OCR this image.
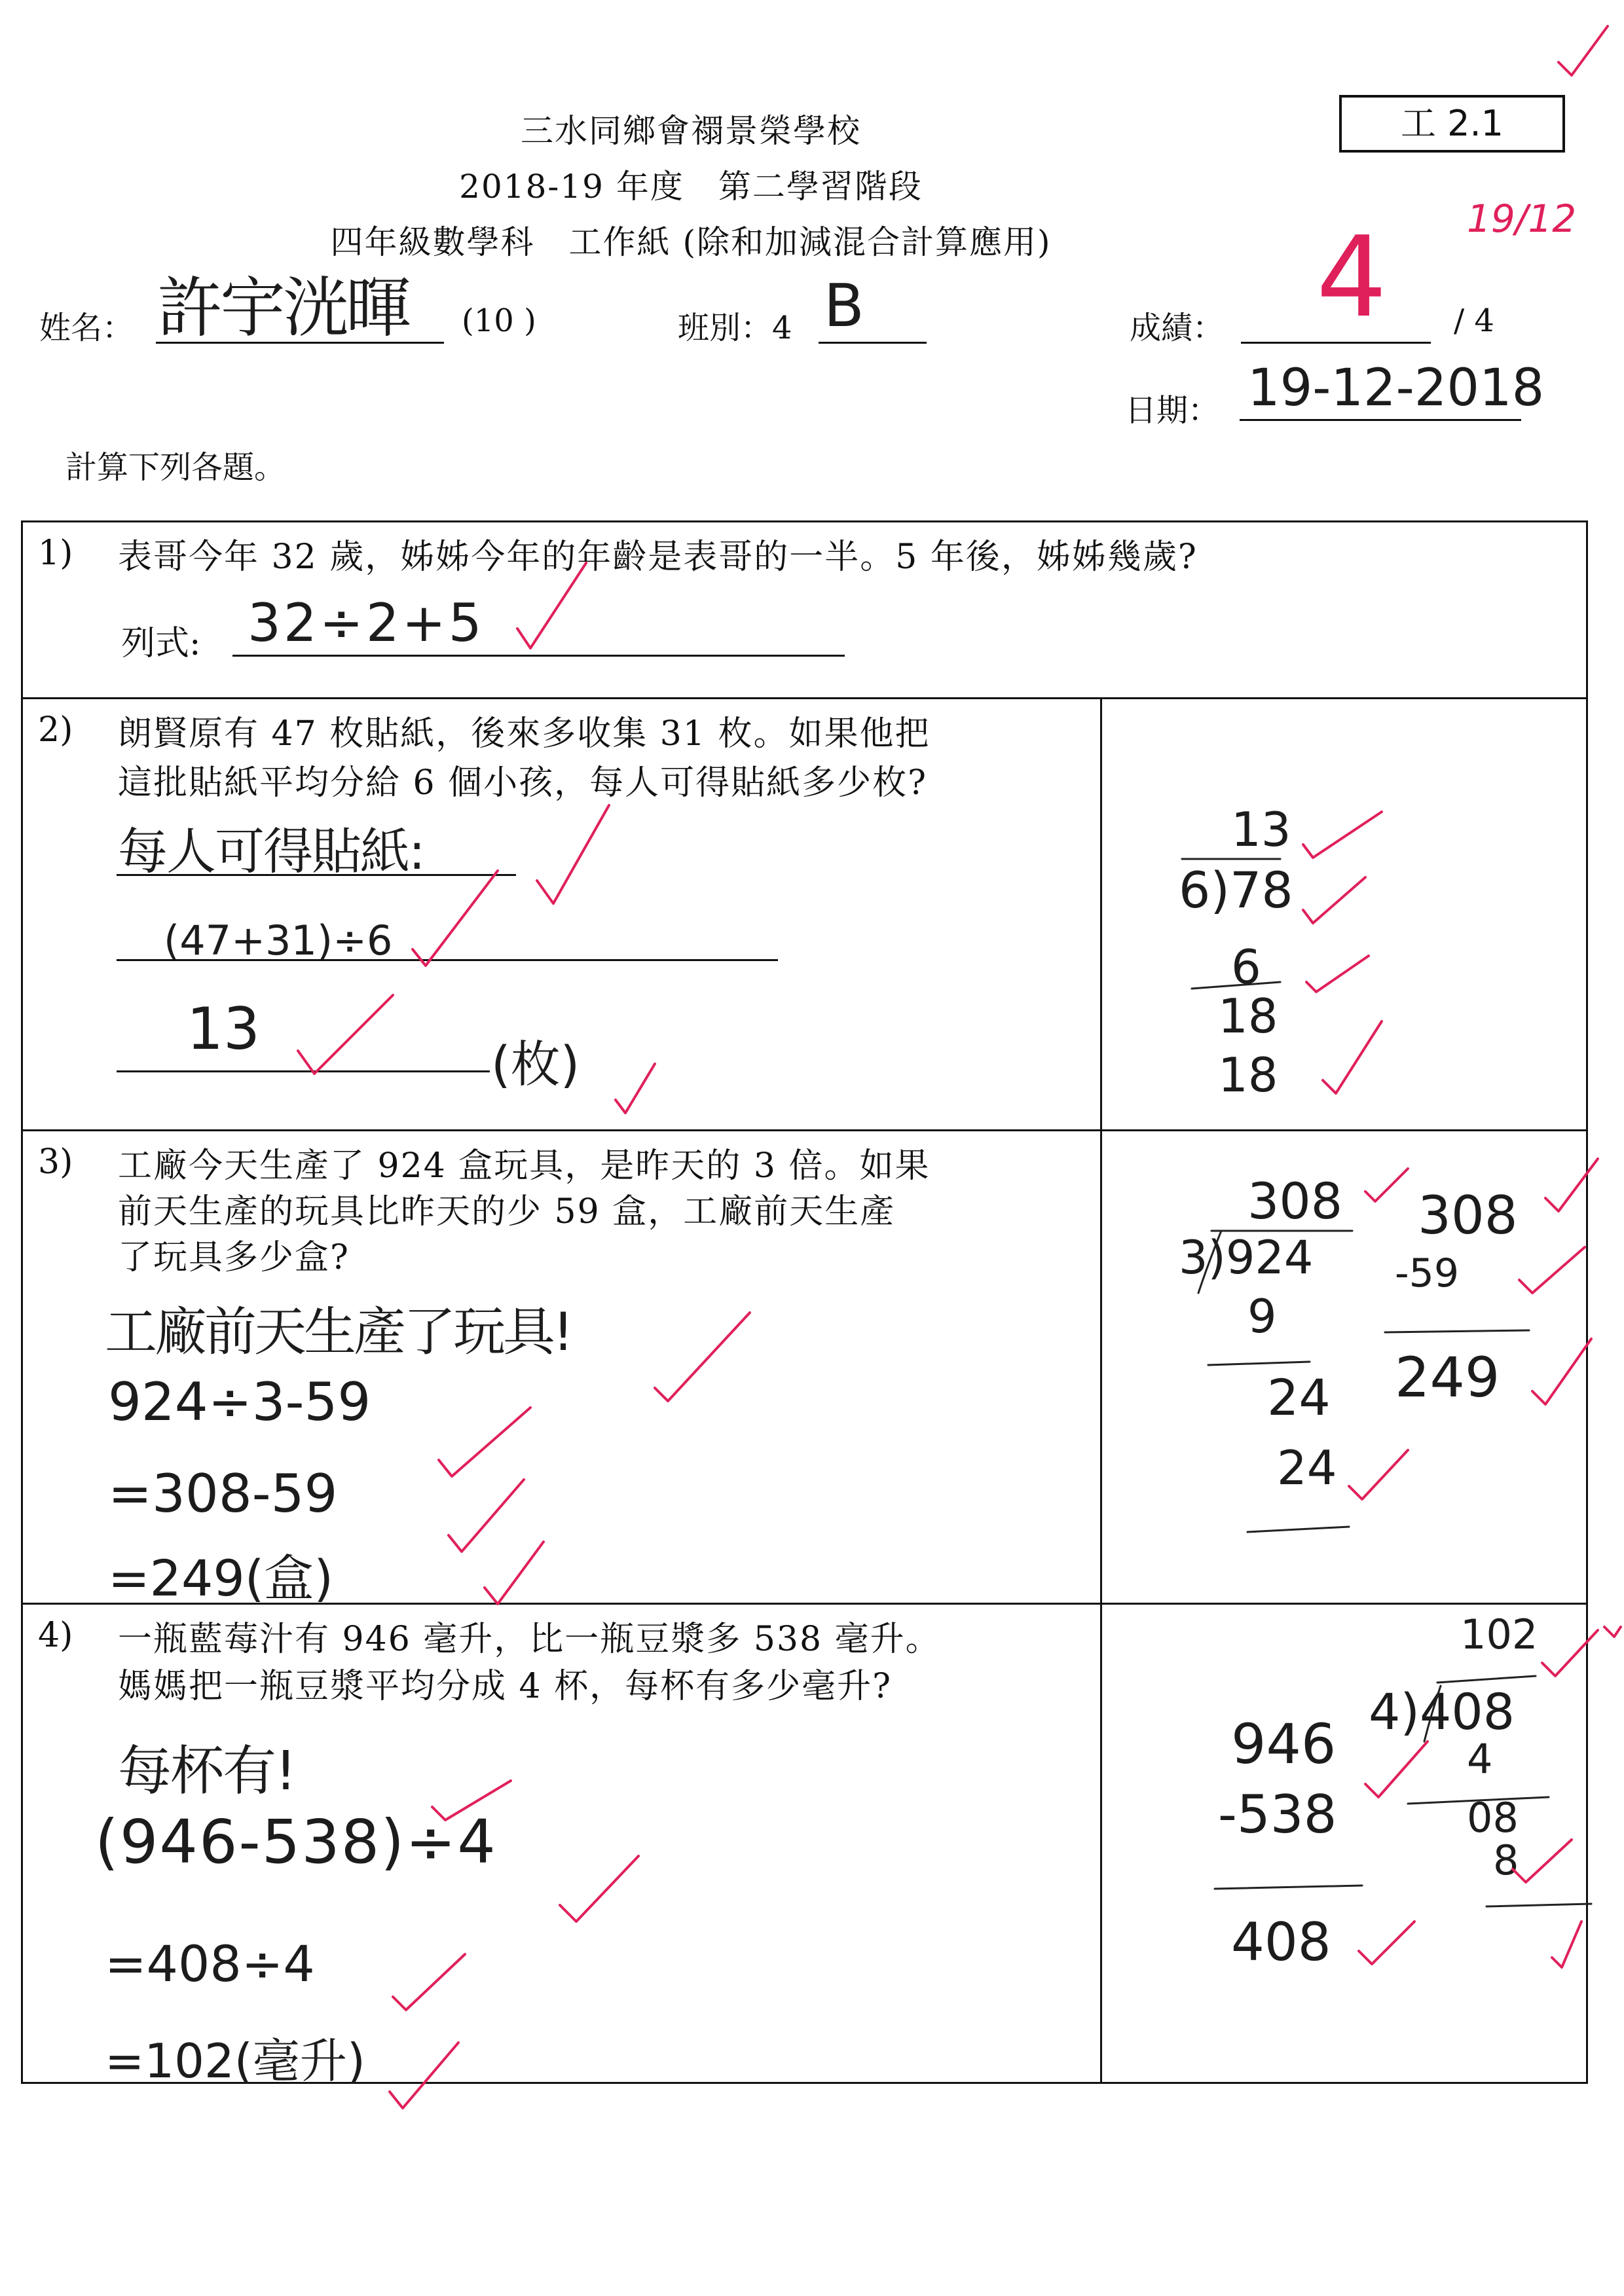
三水同鄉會禤景榮學校
2018-19 年度　第二學習階段
四年級數學科　工作紙 (除和加減混合計算應用)
工 2.1
19/12
姓名： 許宇洸暉 (10 )	班別：4 B	成績： 4 / 4
日期： 19-12-2018
計算下列各題。
1) 表哥今年 32 歲，姊姊今年的年齡是表哥的一半。5 年後，姊姊幾歲?
列式: 32÷2+5
2) 朗賢原有 47 枚貼紙，後來多收集 31 枚。如果他把
這批貼紙平均分給 6 個小孩，每人可得貼紙多少枚?
每人可得貼紙:
(47+31)÷6
13
(枚)
13
6)78
6
18
18
3) 工廠今天生產了 924 盒玩具，是昨天的 3 倍。如果
前天生產的玩具比昨天的少 59 盒，工廠前天生產
了玩具多少盒?
工廠前天生產了玩具!
924÷3-59
=308-59
=249(盒)
308
3)924
9
24
24
308
-59
249
4) 一瓶藍莓汁有 946 毫升，比一瓶豆漿多 538 毫升。
媽媽把一瓶豆漿平均分成 4 杯，每杯有多少毫升?
每杯有!
(946-538)÷4
=408÷4
=102(毫升)
102
4)408
4
08
8
946
-538
408
